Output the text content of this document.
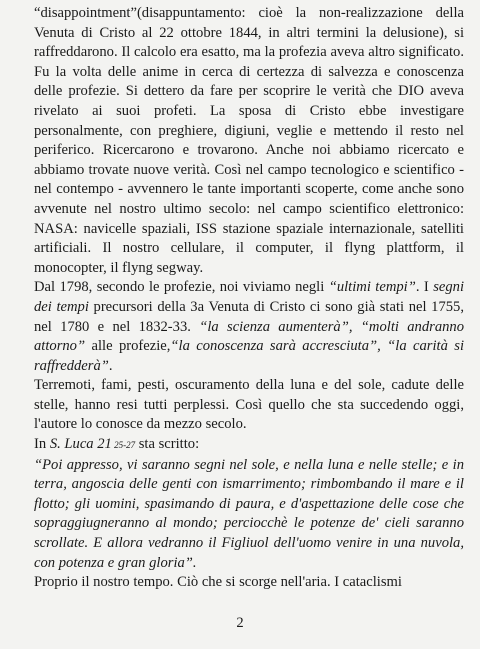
“disappointment”(disappuntamento: cioè la non-realizzazione della Venuta di Cristo al 22 ottobre 1844, in altri termini la delusione), si raffreddarono. Il calcolo era esatto, ma la profezia aveva altro significato. Fu la volta delle anime in cerca di certezza di salvezza e conoscenza delle profezie. Si dettero da fare per scoprire le verità che DIO aveva rivelato ai suoi profeti. La sposa di Cristo ebbe investigare personalmente, con preghiere, digiuni, veglie e mettendo il resto nel periferico. Ricercarono e trovarono. Anche noi abbiamo ricercato e abbiamo trovate nuove verità. Così nel campo tecnologico e scientifico - nel contempo - avvennero le tante importanti scoperte, come anche sono avvenute nel nostro ultimo secolo: nel campo scientifico elettronico: NASA: navicelle spaziali, ISS stazione spaziale internazionale, satelliti artificiali. Il nostro cellulare, il computer, il flyng plattform, il monocopter, il flyng segway.

Dal 1798, secondo le profezie, noi viviamo negli “ultimi tempi”. I segni dei tempi precursori della 3a Venuta di Cristo ci sono già stati nel 1755, nel 1780 e nel 1832-33. “la scienza aumenterà”, “molti andranno attorno” alle profezie,“la conoscenza sarà accresciuta”, “la carità si raffredderà”.

Terremoti, fami, pesti, oscuramento della luna e del sole, cadute delle stelle, hanno resi tutti perplessi. Così quello che sta succedendo oggi, l'autore lo conosce da mezzo secolo.

In S. Luca 21 25-27 sta scritto:

“Poi appresso, vi saranno segni nel sole, e nella luna e nelle stelle; e in terra, angoscia delle genti con ismarrimento; rimbombando il mare e il flotto; gli uomini, spasimando di paura, e d'aspettazione delle cose che sopraggiugneranno al mondo; perciocchè le potenze de' cieli saranno scrollate. E allora vedranno il Figliuol dell'uomo venire in una nuvola, con potenza e gran gloria”.

Proprio il nostro tempo. Ciò che si scorge nell'aria. I cataclismi

2
